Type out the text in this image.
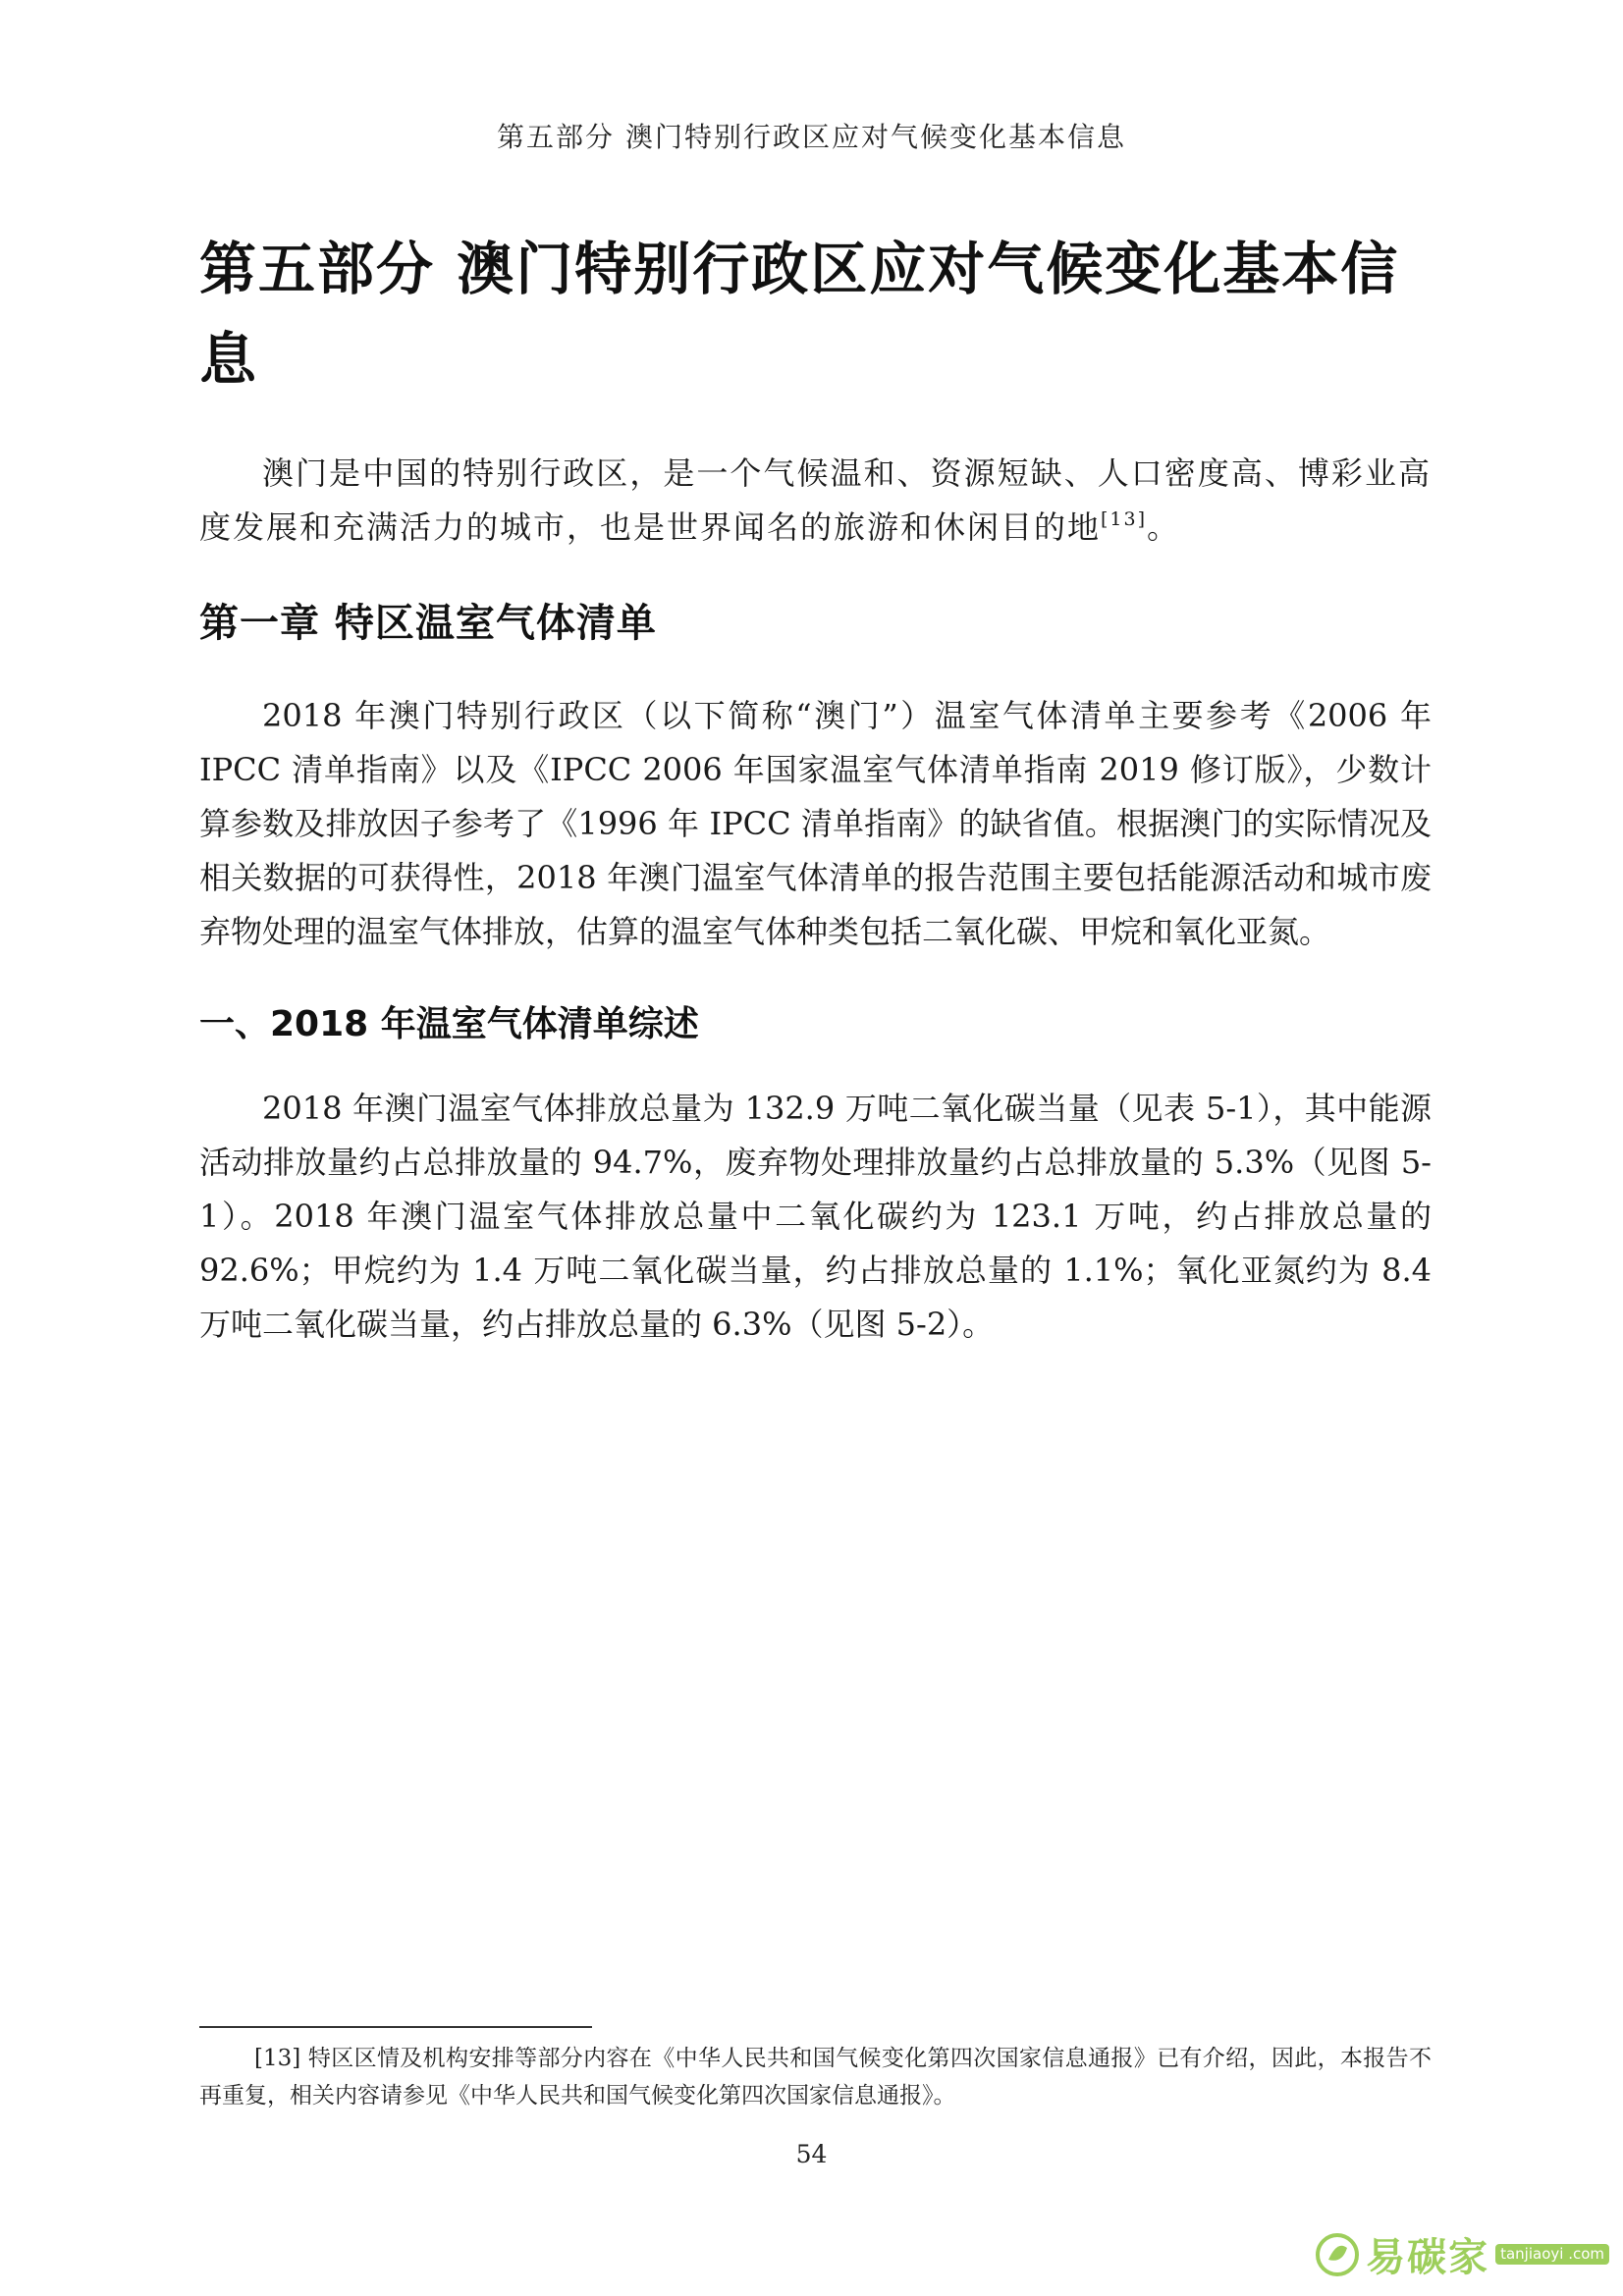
第五部分 澳门特别行政区应对气候变化基本信息
第五部分 澳门特别行政区应对气候变化基本信息

澳门是中国的特别行政区，是一个气候温和、资源短缺、人口密度高、博彩业高度发展和充满活力的城市，也是世界闻名的旅游和休闲目的地[13]。

第一章 特区温室气体清单

2018 年澳门特别行政区（以下简称“澳门”）温室气体清单主要参考《2006 年 IPCC 清单指南》以及《IPCC 2006 年国家温室气体清单指南 2019 修订版》，少数计算参数及排放因子参考了《1996 年 IPCC 清单指南》的缺省值。根据澳门的实际情况及相关数据的可获得性，2018 年澳门温室气体清单的报告范围主要包括能源活动和城市废弃物处理的温室气体排放，估算的温室气体种类包括二氧化碳、甲烷和氧化亚氮。

一、2018 年温室气体清单综述

2018 年澳门温室气体排放总量为 132.9 万吨二氧化碳当量（见表 5-1），其中能源活动排放量约占总排放量的 94.7%，废弃物处理排放量约占总排放量的 5.3%（见图 5-1）。2018 年澳门温室气体排放总量中二氧化碳约为 123.1 万吨，约占排放总量的 92.6%；甲烷约为 1.4 万吨二氧化碳当量，约占排放总量的 1.1%；氧化亚氮约为 8.4 万吨二氧化碳当量，约占排放总量的 6.3%（见图 5-2）。

[13] 特区区情及机构安排等部分内容在《中华人民共和国气候变化第四次国家信息通报》已有介绍，因此，本报告不再重复，相关内容请参见《中华人民共和国气候变化第四次国家信息通报》。

54
易碳家 tanjiaoyi .com
